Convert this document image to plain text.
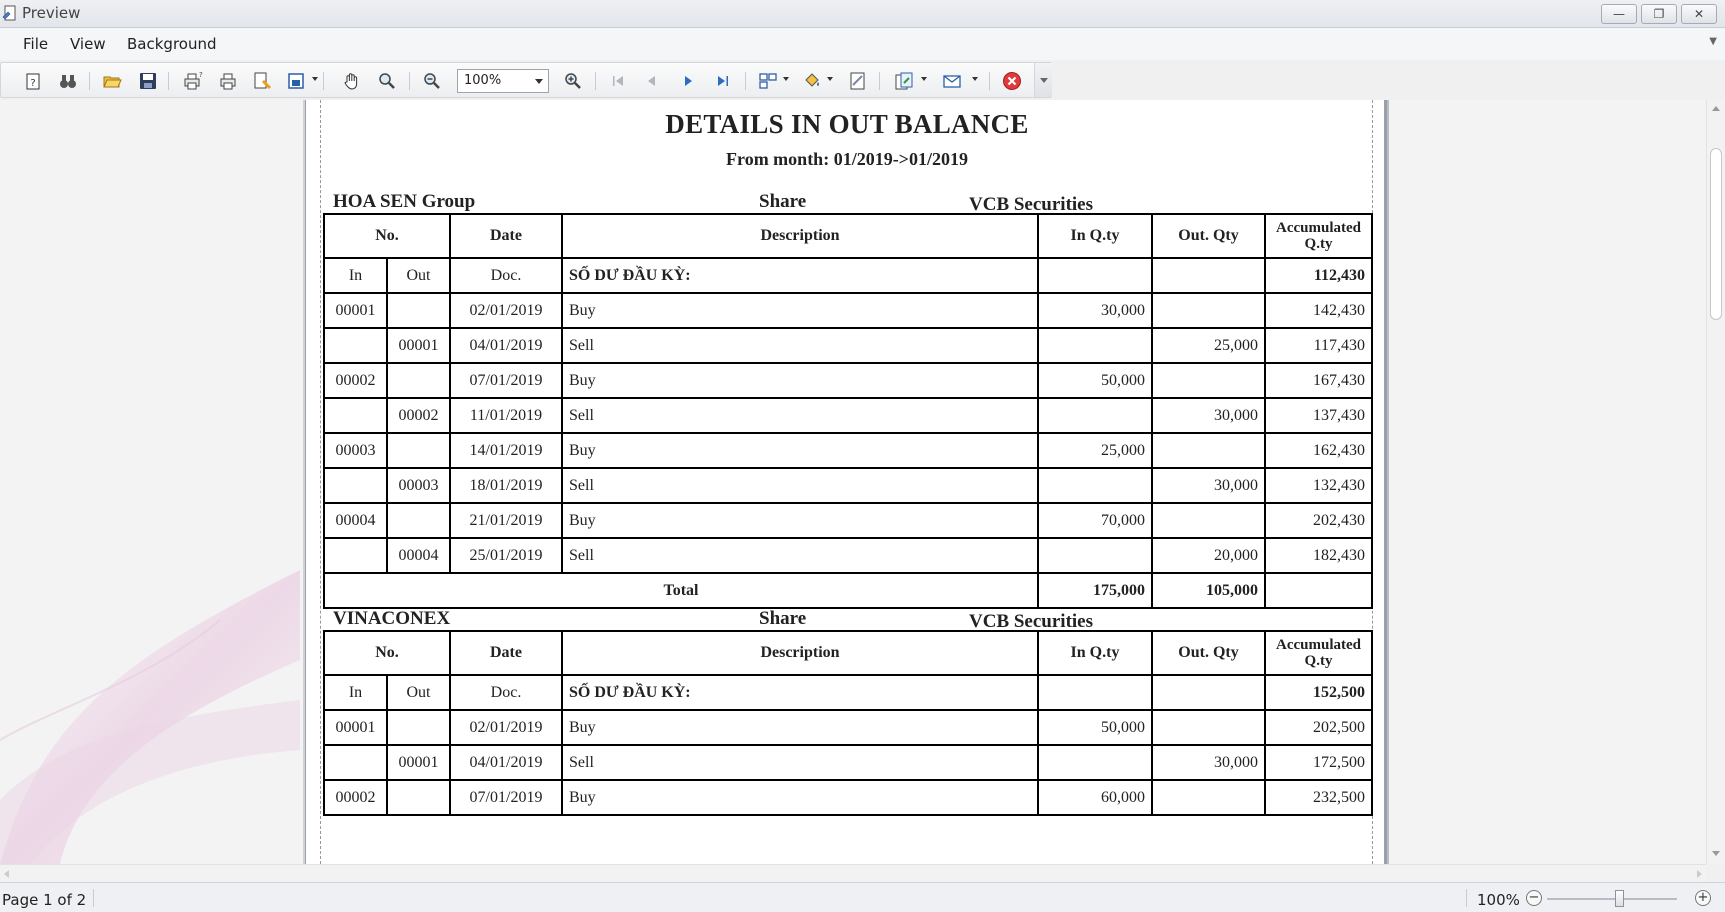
Preview	— ❐ ✕
File View Background	▼
?
?	100%
DETAILS IN OUT BALANCE
From month: 01/2019->01/2019
HOA SEN Group	Share	VCB Securities
No.		Date	Description	In Q.ty	Out. Qty	Accumulated Q.ty
In	Out	Doc.	SỐ DƯ ĐẦU KỲ:			112,430
00001		02/01/2019	Buy	30,000		142,430
	00001	04/01/2019	Sell		25,000	117,430
00002		07/01/2019	Buy	50,000		167,430
	00002	11/01/2019	Sell		30,000	137,430
00003		14/01/2019	Buy	25,000		162,430
	00003	18/01/2019	Sell		30,000	132,430
00004		21/01/2019	Buy	70,000		202,430
	00004	25/01/2019	Sell		20,000	182,430
Total				175,000	105,000	
VINACONEX	Share	VCB Securities
No.		Date	Description	In Q.ty	Out. Qty	Accumulated Q.ty
In	Out	Doc.	SỐ DƯ ĐẦU KỲ:			152,500
00001		02/01/2019	Buy	50,000		202,500
	00001	04/01/2019	Sell		30,000	172,500
00002		07/01/2019	Buy	60,000		232,500
Page 1 of 2	100% −	+
